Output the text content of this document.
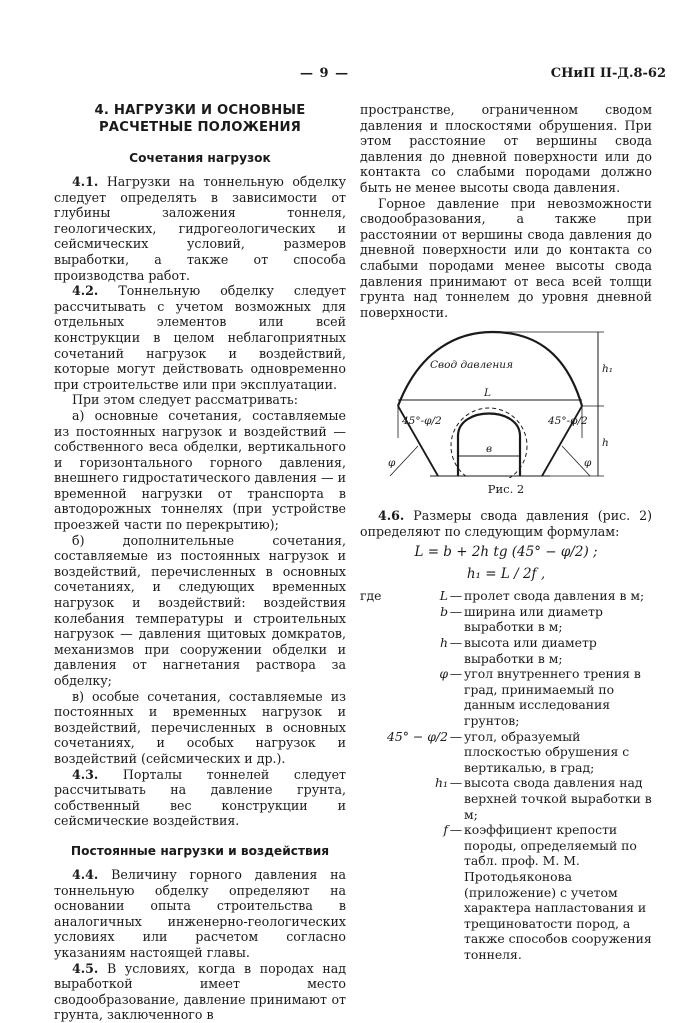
— 9 —	СНиП II-Д.8-62
4. НАГРУЗКИ И ОСНОВНЫЕ РАСЧЕТНЫЕ ПОЛОЖЕНИЯ
Сочетания нагрузок

4.1. Нагрузки на тоннельную обделку следует определять в зависимости от глубины заложения тоннеля, геологических, гидрогеологических и сейсмических условий, размеров выработки, а также от способа производства работ.

4.2. Тоннельную обделку следует рассчитывать с учетом возможных для отдельных элементов или всей конструкции в целом неблагоприятных сочетаний нагрузок и воздействий, которые могут действовать одновременно при строительстве или при эксплуатации.

При этом следует рассматривать:

а) основные сочетания, составляемые из постоянных нагрузок и воздействий — собственного веса обделки, вертикального и горизонтального горного давления, внешнего гидростатического давления — и временной нагрузки от транспорта в автодорожных тоннелях (при устройстве проезжей части по перекрытию);

б) дополнительные сочетания, составляемые из постоянных нагрузок и воздействий, перечисленных в основных сочетаниях, и следующих временных нагрузок и воздействий: воздействия колебания температуры и строительных нагрузок — давления щитовых домкратов, механизмов при сооружении обделки и давления от нагнетания раствора за обделку;

в) особые сочетания, составляемые из постоянных и временных нагрузок и воздействий, перечисленных в основных сочетаниях, и особых нагрузок и воздействий (сейсмических и др.).

4.3. Порталы тоннелей следует рассчитывать на давление грунта, собственный вес конструкции и сейсмические воздействия.

Постоянные нагрузки и воздействия

4.4. Величину горного давления на тоннельную обделку определяют на основании опыта строительства в аналогичных инженерно-геологических условиях или расчетом согласно указаниям настоящей главы.

4.5. В условиях, когда в породах над выработкой имеет место сводообразование, давление принимают от грунта, заключенного в

пространстве, ограниченном сводом давления и плоскостями обрушения. При этом расстояние от вершины свода давления до дневной поверхности или до контакта со слабыми породами должно быть не менее высоты свода давления.

Горное давление при невозможности сводообразования, а также при расстоянии от вершины свода давления до дневной поверхности или до контакта со слабыми породами менее высоты свода давления принимают от веса всей толщи грунта над тоннелем до уровня дневной поверхности.

Свод давления
L
в	h
h₁
45°-φ/2	45°-φ/2
φ	φ
Рис. 2

4.6. Размеры свода давления (рис. 2) определяют по следующим формулам:

L = b + 2h tg (45° − φ/2) ;
h₁ = L / 2f ,
где	L — пролет свода давления в м;
b — ширина или диаметр выработки в м;
h — высота или диаметр выработки в м;
φ — угол внутреннего трения в град, принимаемый по данным исследования грунтов;
45° − φ/2 — угол, образуемый плоскостью обрушения с вертикалью, в град;
h₁ — высота свода давления над верхней точкой выработки в м;
f — коэффициент крепости породы, определяемый по табл. проф. М. М. Протодьяконова (приложение) с учетом характера напластования и трещиноватости пород, а также способов сооружения тоннеля.
